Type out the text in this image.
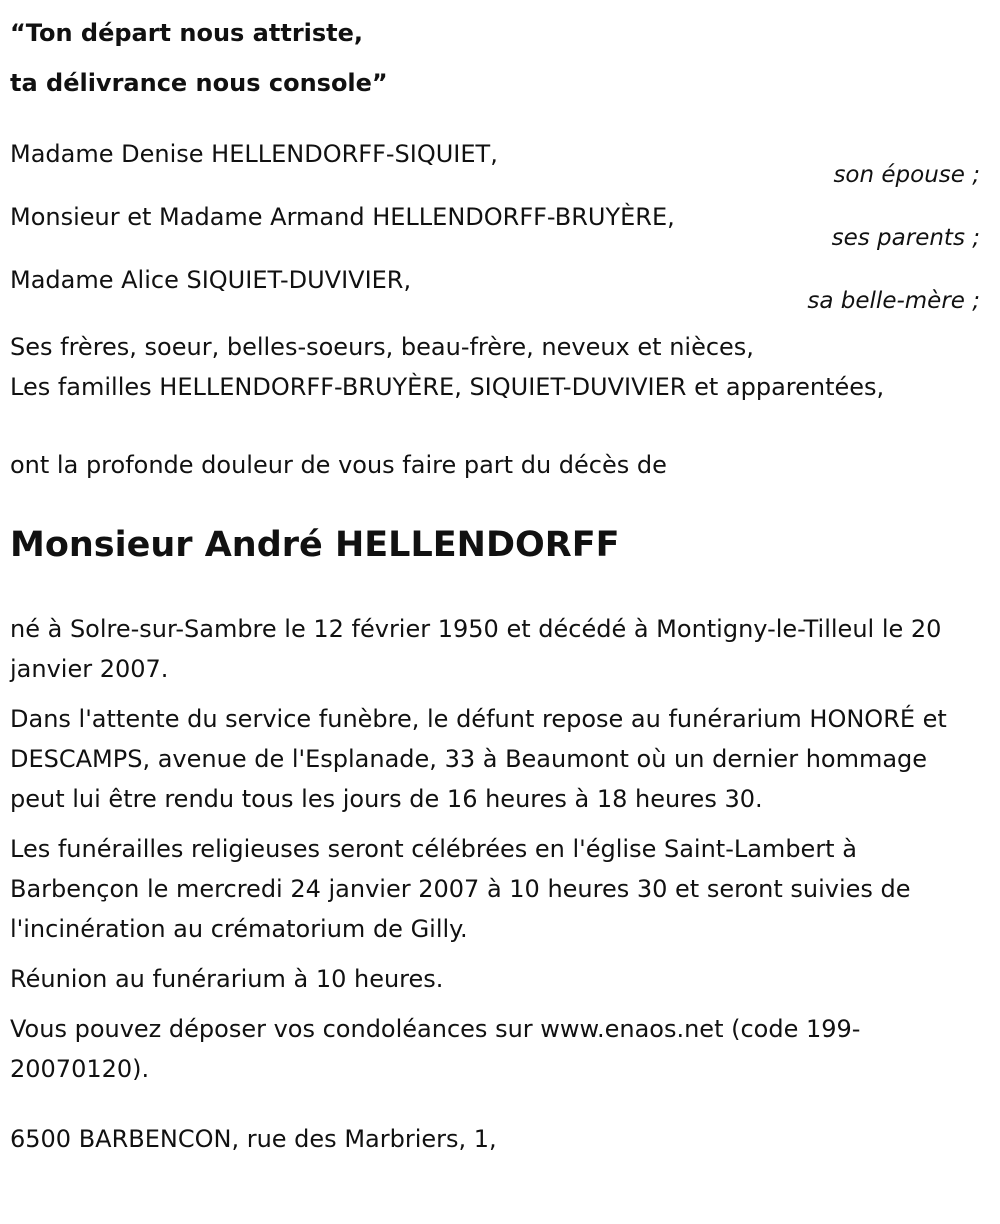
“Ton départ nous attriste,
ta délivrance nous console”

Madame Denise HELLENDORFF-SIQUIET,
son épouse ;
Monsieur et Madame Armand HELLENDORFF-BRUYÈRE,
ses parents ;
Madame Alice SIQUIET-DUVIVIER,
sa belle-mère ;
Ses frères, soeur, belles-soeurs, beau-frère, neveux et nièces,
Les familles HELLENDORFF-BRUYÈRE, SIQUIET-DUVIVIER et apparentées,
ont la profonde douleur de vous faire part du décès de
Monsieur André HELLENDORFF

né à Solre-sur-Sambre le 12 février 1950 et décédé à Montigny-le-Tilleul le 20 janvier 2007.

Dans l'attente du service funèbre, le défunt repose au funérarium HONORÉ et DESCAMPS, avenue de l'Esplanade, 33 à Beaumont où un dernier hommage peut lui être rendu tous les jours de 16 heures à 18 heures 30.

Les funérailles religieuses seront célébrées en l'église Saint-Lambert à Barbençon le mercredi 24 janvier 2007 à 10 heures 30 et seront suivies de l'incinération au crématorium de Gilly.

Réunion au funérarium à 10 heures.

Vous pouvez déposer vos condoléances sur www.enaos.net (code 199-20070120).

6500 BARBENCON, rue des Marbriers, 1,
